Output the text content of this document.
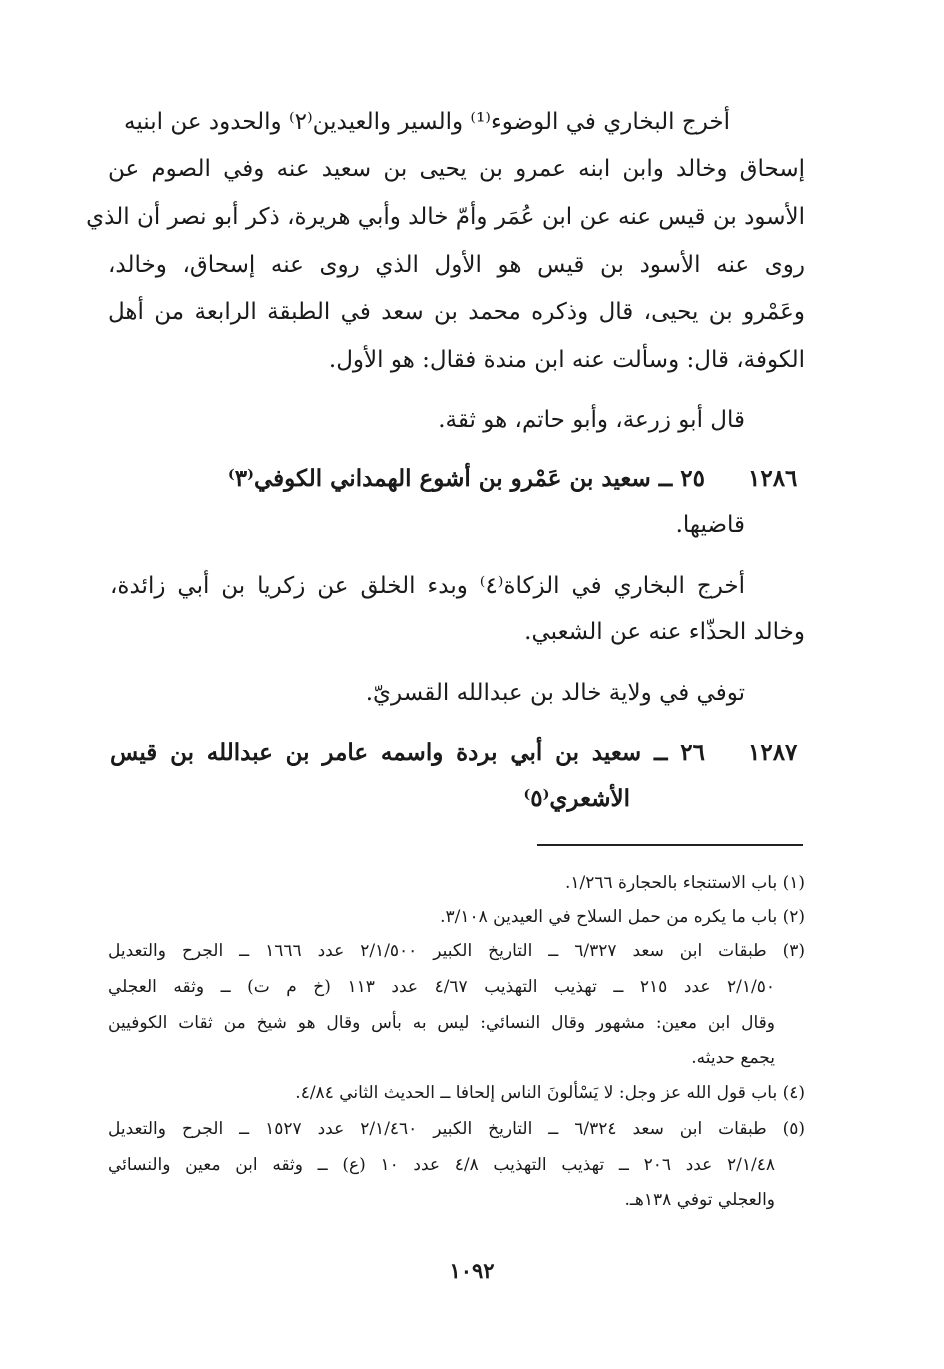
أخرج البخاري في الوضوء⁽¹⁾ والسير والعيدين⁽٢⁾ والحدود عن ابنيه
إسحاق وخالد وابن ابنه عمرو بن يحيى بن سعيد عنه وفي الصوم عن
الأسود بن قيس عنه عن ابن عُمَر وأمّ خالد وأبي هريرة، ذكر أبو نصر أن الذي
روى عنه الأسود بن قيس هو الأول الذي روى عنه إسحاق، وخالد،
وعَمْرو بن يحيى، قال وذكره محمد بن سعد في الطبقة الرابعة من أهل
الكوفة، قال: وسألت عنه ابن مندة فقال: هو الأول.
قال أبو زرعة، وأبو حاتم، هو ثقة.
١٢٨٦
٢٥ ــ سعيد بن عَمْرو بن أشوع الهمداني الكوفي⁽٣⁾
قاضيها.
أخرج البخاري في الزكاة⁽٤⁾ وبدء الخلق عن زكريا بن أبي زائدة،
وخالد الحذّاء عنه عن الشعبي.
توفي في ولاية خالد بن عبدالله القسريّ.
١٢٨٧
٢٦ ــ سعيد بن أبي بردة واسمه عامر بن عبدالله بن قيس
الأشعري⁽٥⁾
(١) باب الاستنجاء بالحجارة ١/٢٦٦.
(٢) باب ما يكره من حمل السلاح في العيدين ٣/١٠٨.
(٣) طبقات ابن سعد ٦/٣٢٧ ــ التاريخ الكبير ٢/١/٥٠٠ عدد ١٦٦٦ ــ الجرح والتعديل
٢/١/٥٠ عدد ٢١٥ ــ تهذيب التهذيب ٤/٦٧ عدد ١١٣ (خ م ت) ــ وثقه العجلي
وقال ابن معين: مشهور وقال النسائي: ليس به بأس وقال هو شيخ من ثقات الكوفيين
يجمع حديثه.
(٤) باب قول الله عز وجل: لا يَسْألونَ الناس إلحافا ــ الحديث الثاني ٤/٨٤.
(٥) طبقات ابن سعد ٦/٣٢٤ ــ التاريخ الكبير ٢/١/٤٦٠ عدد ١٥٢٧ ــ الجرح والتعديل
٢/١/٤٨ عدد ٢٠٦ ــ تهذيب التهذيب ٤/٨ عدد ١٠ (ع) ــ وثقه ابن معين والنسائي
والعجلي توفي ١٣٨هـ.
١٠٩٢
